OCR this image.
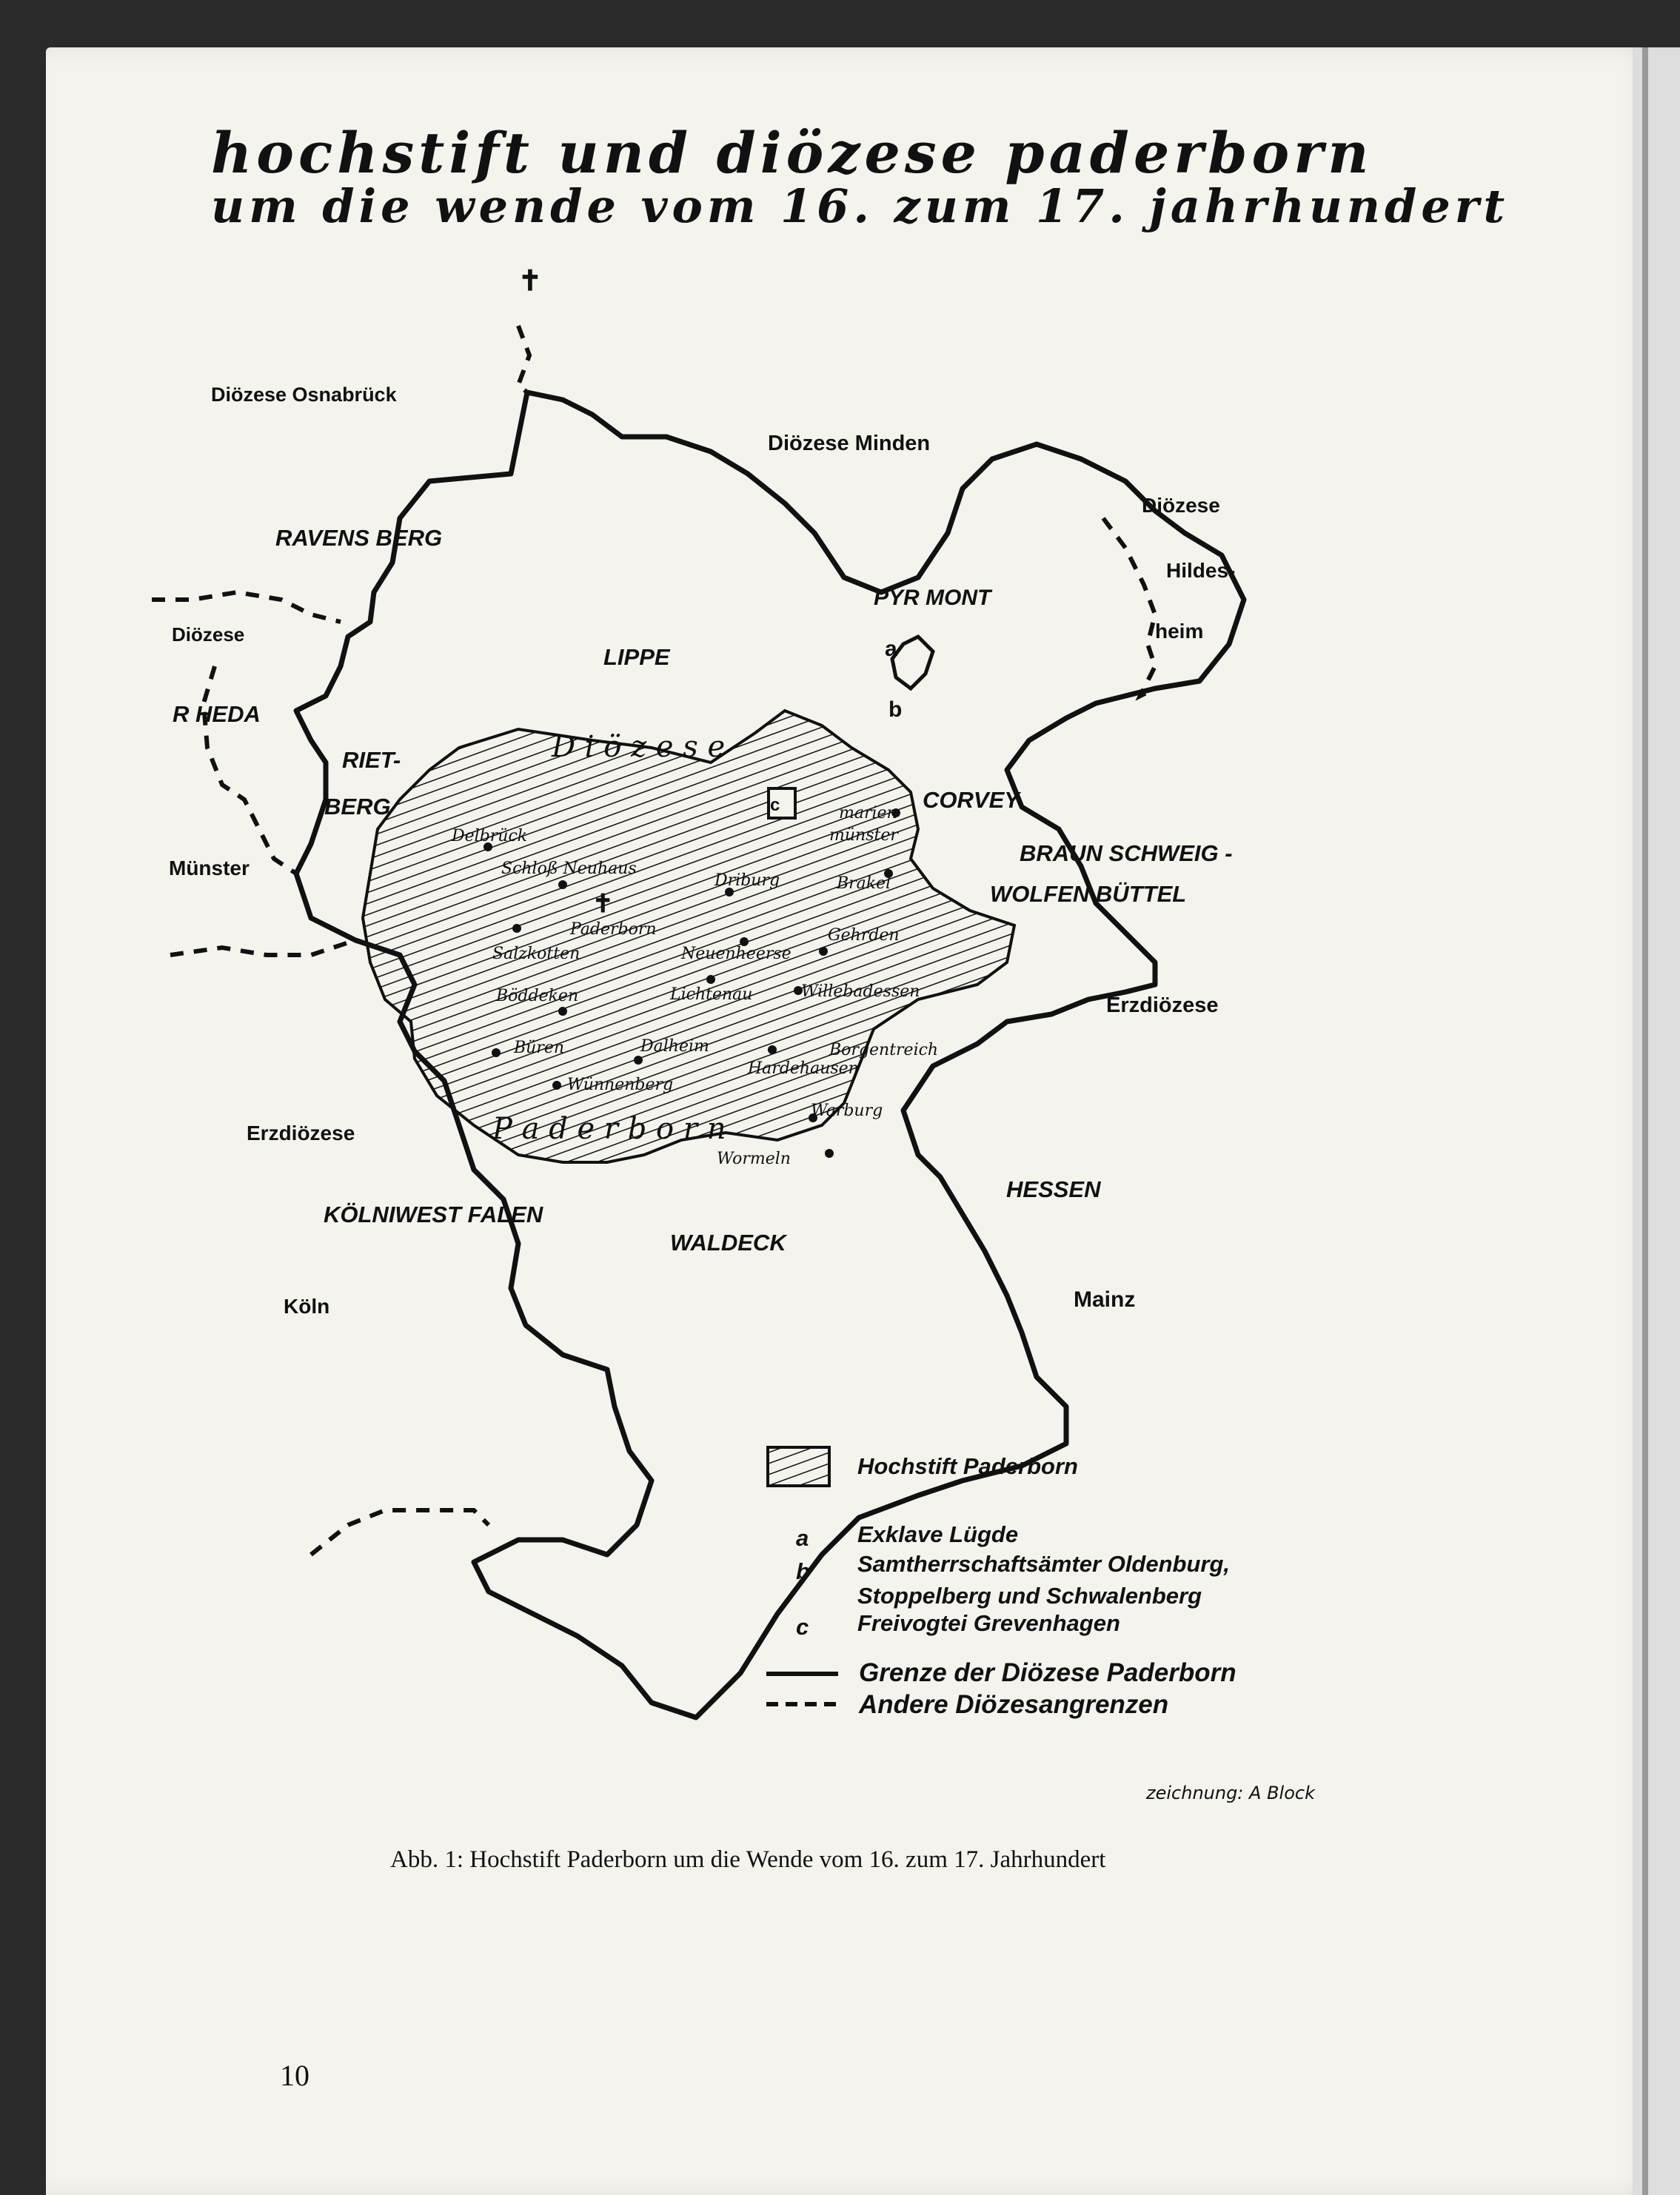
hochstift und diözese paderborn
um die wende vom 16. zum 17. jahrhundert
✝
✝
Diözese Osnabrück
Diözese Minden
Diözese
Hildes-
heim
RAVENS BERG
PYR MONT
LIPPE
Diözese
R HEDA
RIET-
BERG
Münster
D i ö z e s e
CORVEY
BRAUN SCHWEIG -
WOLFEN BÜTTEL
Erzdiözese
P a d e r b o r n
Erzdiözese
HESSEN
KÖLNIWEST FALEN
WALDECK
Köln	Mainz
a
b
c
Delbrück
Schloß Neuhaus
Driburg	Brakel
marien
münster
Paderborn
Salzkotten	Neuenheerse
Gehrden
Böddeken	Lichtenau	Willebadessen
Büren	Dalheim	Borgentreich
Hardehausen
Wünnenberg
Warburg
Wormeln
Hochstift Paderborn
a Exklave Lügde
b Samtherrschaftsämter Oldenburg,
Stoppelberg und Schwalenberg
c Freivogtei Grevenhagen
Grenze der Diözese Paderborn
Andere Diözesangrenzen
zeichnung: A Block
Abb. 1: Hochstift Paderborn um die Wende vom 16. zum 17. Jahrhundert
10
